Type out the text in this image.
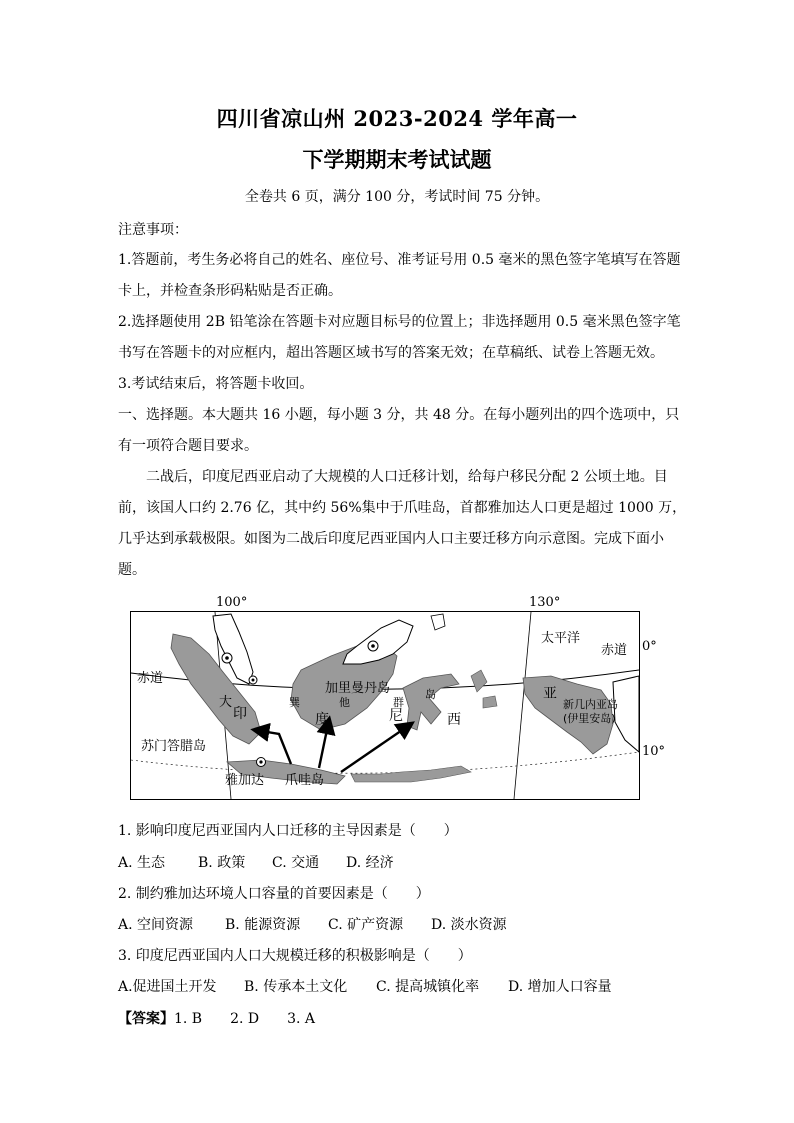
四川省凉山州 2023-2024 学年高一
下学期期末考试试题
全卷共 6 页，满分 100 分，考试时间 75 分钟。
注意事项：
1.答题前，考生务必将自己的姓名、座位号、准考证号用 0.5 毫米的黑色签字笔填写在答题
卡上，并检查条形码粘贴是否正确。
2.选择题使用 2B 铅笔涂在答题卡对应题目标号的位置上；非选择题用 0.5 毫米黑色签字笔
书写在答题卡的对应框内，超出答题区域书写的答案无效；在草稿纸、试卷上答题无效。
3.考试结束后，将答题卡收回。
一、选择题。本大题共 16 小题，每小题 3 分，共 48 分。在每小题列出的四个选项中，只
有一项符合题目要求。
二战后，印度尼西亚启动了大规模的人口迁移计划，给每户移民分配 2 公顷土地。目
前，该国人口约 2.76 亿，其中约 56%集中于爪哇岛，首都雅加达人口更是超过 1000 万，
几乎达到承载极限。如图为二战后印度尼西亚国内人口主要迁移方向示意图。完成下面小
题。
100°	130°
0°
10°
太平洋
赤道
赤道
加里曼丹岛
苏门答腊岛
雅加达 爪哇岛
新几内亚岛
(伊里安岛)
印	度	尼	西
亚
大	巽	他	群
岛
1. 影响印度尼西亚国内人口迁移的主导因素是（　　）
A. 生态 B. 政策 C. 交通 D. 经济
2. 制约雅加达环境人口容量的首要因素是（　　）
A. 空间资源 B. 能源资源 C. 矿产资源 D. 淡水资源
3. 印度尼西亚国内人口大规模迁移的积极影响是（　　）
A.促进国土开发 B. 传承本土文化 C. 提高城镇化率 D. 增加人口容量
【答案】1. B　　2. D　　3. A
